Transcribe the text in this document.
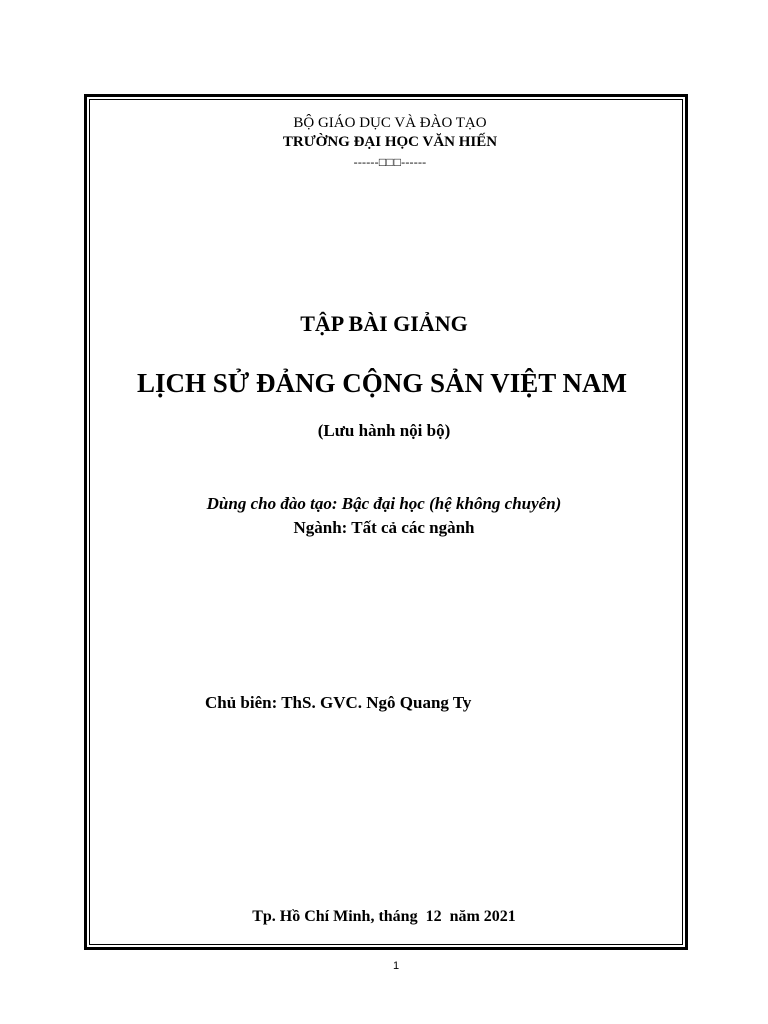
BỘ GIÁO DỤC VÀ ĐÀO TẠO
TRƯỜNG ĐẠI HỌC VĂN HIẾN
------□□□------
TẬP BÀI GIẢNG
LỊCH SỬ ĐẢNG CỘNG SẢN VIỆT NAM
(Lưu hành nội bộ)
Dùng cho đào tạo: Bậc đại học (hệ không chuyên)
Ngành: Tất cả các ngành
Chủ biên: ThS. GVC. Ngô Quang Ty
Tp. Hồ Chí Minh, tháng  12  năm 2021
1
